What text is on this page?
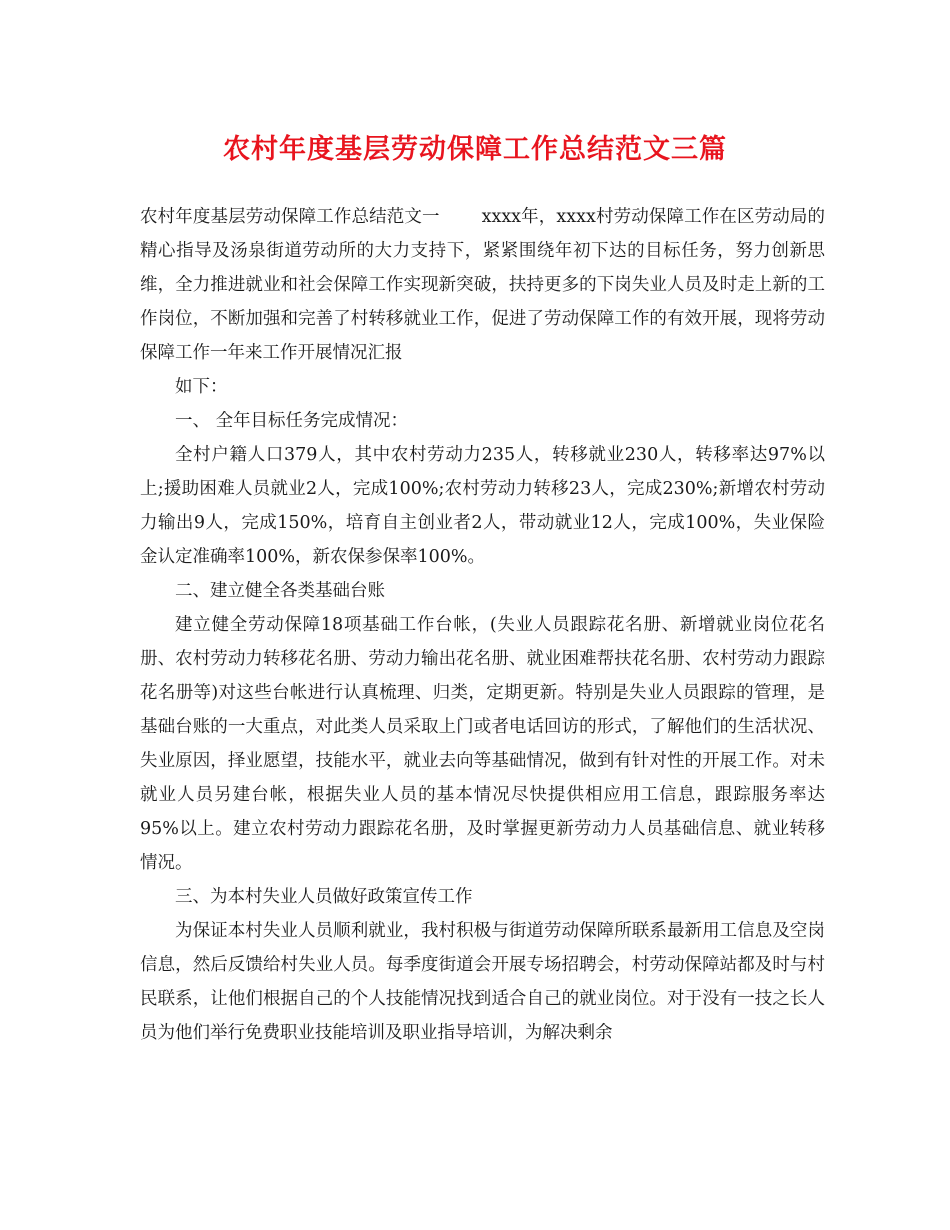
农村年度基层劳动保障工作总结范文三篇

农村年度基层劳动保障工作总结范文一 xxxx年，xxxx村劳动保障工作在区劳动局的精心指导及汤泉街道劳动所的大力支持下，紧紧围绕年初下达的目标任务，努力创新思维，全力推进就业和社会保障工作实现新突破，扶持更多的下岗失业人员及时走上新的工作岗位，不断加强和完善了村转移就业工作，促进了劳动保障工作的有效开展，现将劳动保障工作一年来工作开展情况汇报

如下：

一、 全年目标任务完成情况：

全村户籍人口379人，其中农村劳动力235人，转移就业230人，转移率达97%以上;援助困难人员就业2人，完成100%;农村劳动力转移23人，完成230%;新增农村劳动力输出9人，完成150%，培育自主创业者2人，带动就业12人，完成100%，失业保险金认定准确率100%，新农保参保率100%。

二、建立健全各类基础台账

建立健全劳动保障18项基础工作台帐，(失业人员跟踪花名册、新增就业岗位花名册、农村劳动力转移花名册、劳动力输出花名册、就业困难帮扶花名册、农村劳动力跟踪花名册等)对这些台帐进行认真梳理、归类，定期更新。特别是失业人员跟踪的管理，是基础台账的一大重点，对此类人员采取上门或者电话回访的形式，了解他们的生活状况、失业原因，择业愿望，技能水平，就业去向等基础情况，做到有针对性的开展工作。对未就业人员另建台帐，根据失业人员的基本情况尽快提供相应用工信息，跟踪服务率达95%以上。建立农村劳动力跟踪花名册，及时掌握更新劳动力人员基础信息、就业转移情况。

三、为本村失业人员做好政策宣传工作

为保证本村失业人员顺利就业，我村积极与街道劳动保障所联系最新用工信息及空岗信息，然后反馈给村失业人员。每季度街道会开展专场招聘会，村劳动保障站都及时与村民联系，让他们根据自己的个人技能情况找到适合自己的就业岗位。对于没有一技之长人员为他们举行免费职业技能培训及职业指导培训，为解决剩余
